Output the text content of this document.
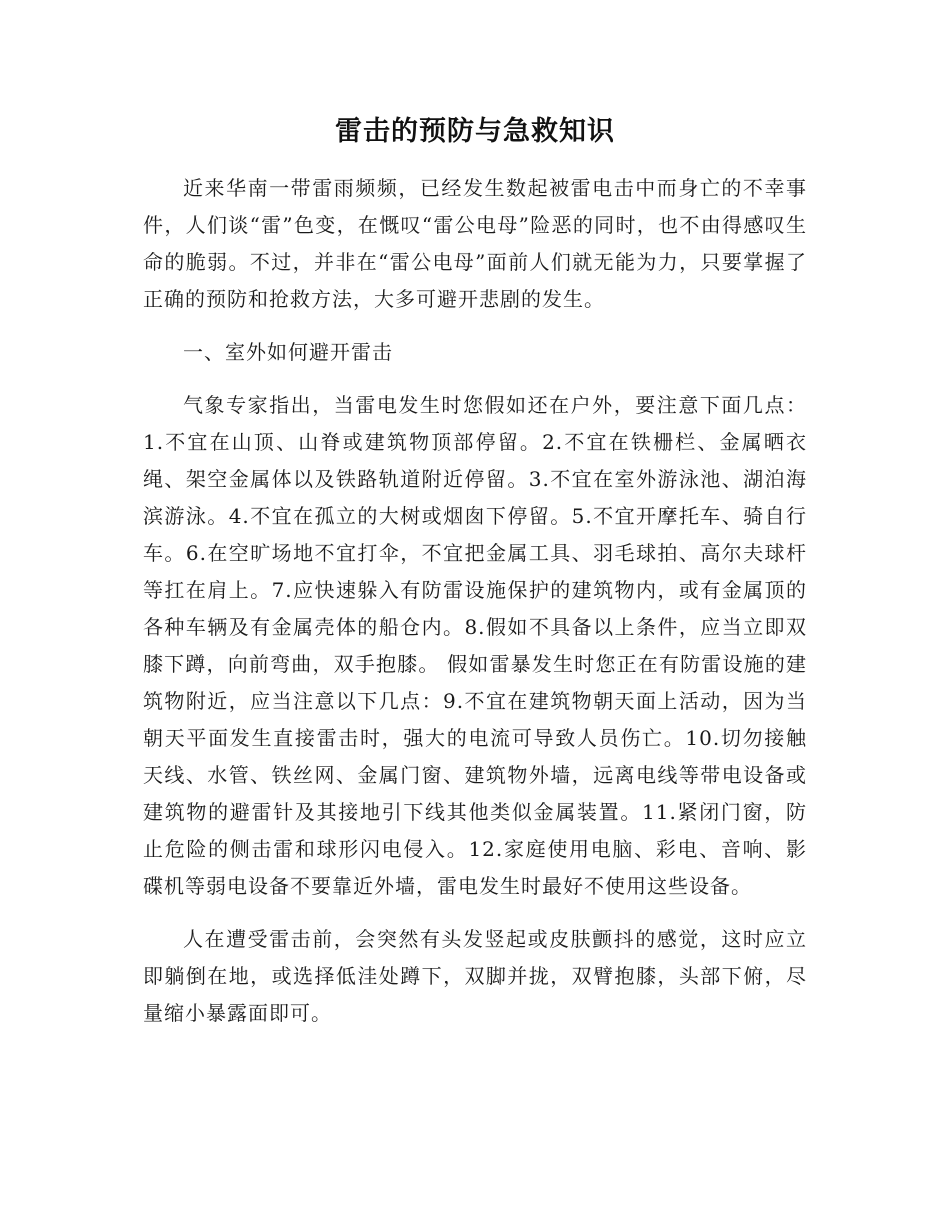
雷击的预防与急救知识

近来华南一带雷雨频频，已经发生数起被雷电击中而身亡的不幸事件，人们谈“雷”色变，在慨叹“雷公电母”险恶的同时，也不由得感叹生命的脆弱。不过，并非在“雷公电母”面前人们就无能为力，只要掌握了正确的预防和抢救方法，大多可避开悲剧的发生。

一、室外如何避开雷击

气象专家指出，当雷电发生时您假如还在户外，要注意下面几点：1.不宜在山顶、山脊或建筑物顶部停留。2.不宜在铁栅栏、金属晒衣绳、架空金属体以及铁路轨道附近停留。3.不宜在室外游泳池、湖泊海滨游泳。4.不宜在孤立的大树或烟囱下停留。5.不宜开摩托车、骑自行车。6.在空旷场地不宜打伞，不宜把金属工具、羽毛球拍、高尔夫球杆等扛在肩上。7.应快速躲入有防雷设施保护的建筑物内，或有金属顶的各种车辆及有金属壳体的船仓内。8.假如不具备以上条件，应当立即双膝下蹲，向前弯曲，双手抱膝。 假如雷暴发生时您正在有防雷设施的建筑物附近，应当注意以下几点：9.不宜在建筑物朝天面上活动，因为当朝天平面发生直接雷击时，强大的电流可导致人员伤亡。10.切勿接触天线、水管、铁丝网、金属门窗、建筑物外墙，远离电线等带电设备或建筑物的避雷针及其接地引下线其他类似金属装置。11.紧闭门窗，防止危险的侧击雷和球形闪电侵入。12.家庭使用电脑、彩电、音响、影碟机等弱电设备不要靠近外墙，雷电发生时最好不使用这些设备。

人在遭受雷击前，会突然有头发竖起或皮肤颤抖的感觉，这时应立即躺倒在地，或选择低洼处蹲下，双脚并拢，双臂抱膝，头部下俯，尽量缩小暴露面即可。
